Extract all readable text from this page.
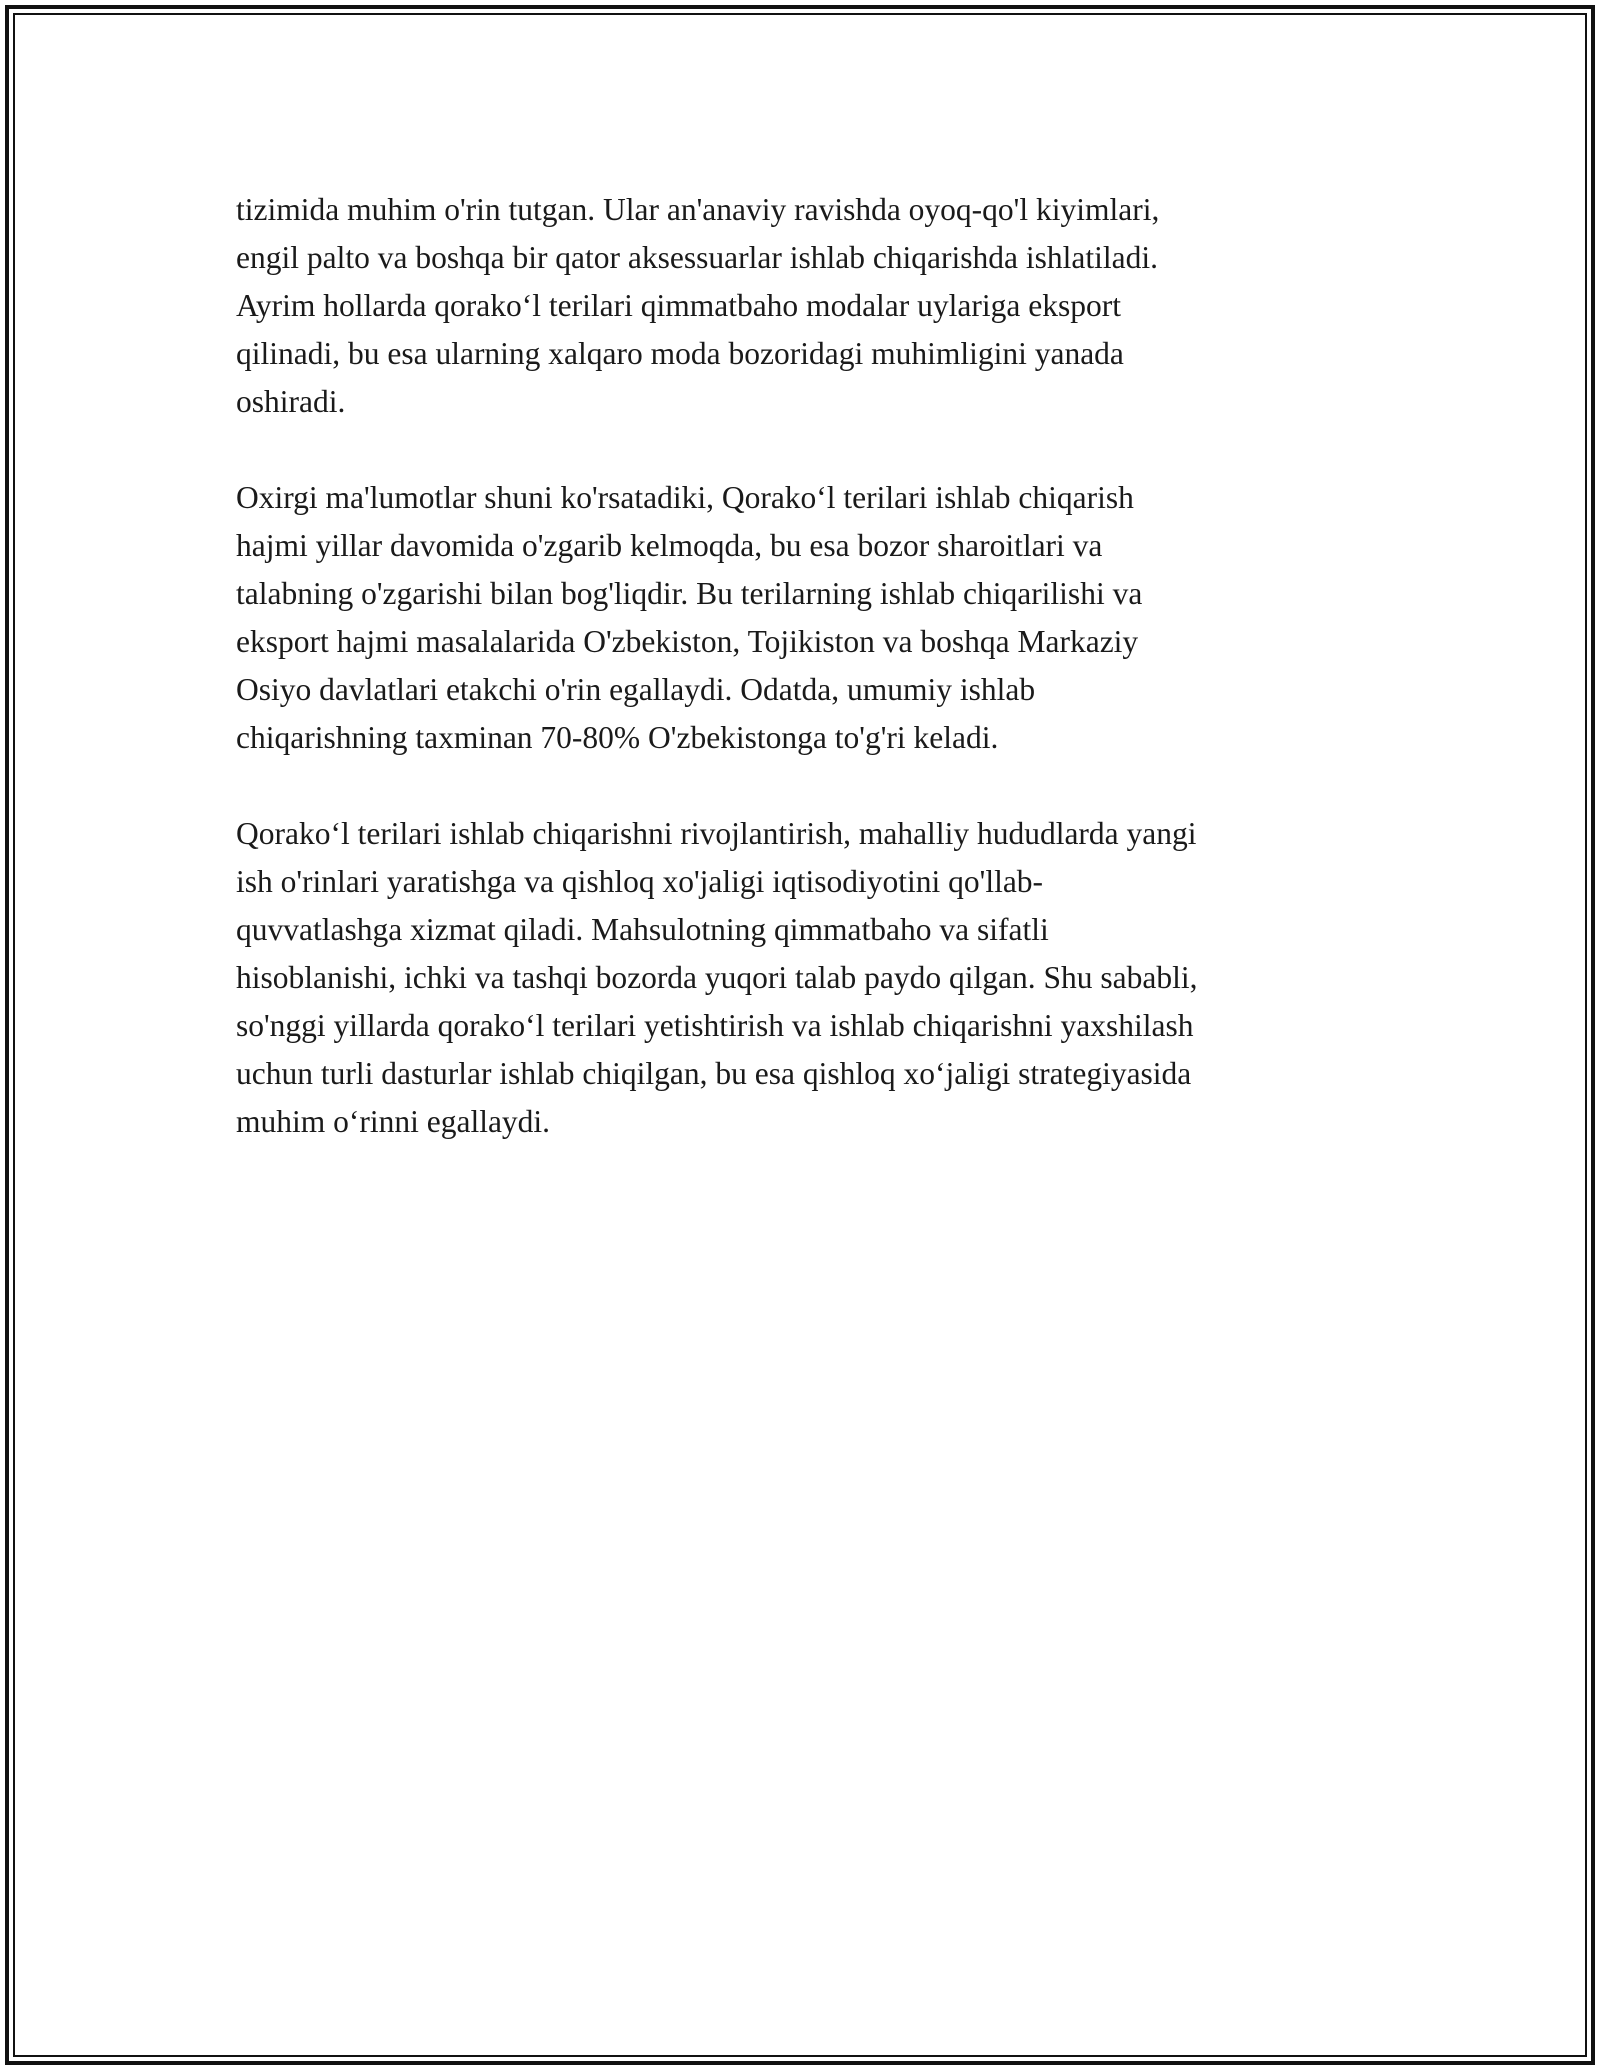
tizimida muhim o'rin tutgan. Ular an'anaviy ravishda oyoq-qo'l kiyimlari,
engil palto va boshqa bir qator aksessuarlar ishlab chiqarishda ishlatiladi.
Ayrim hollarda qorako‘l terilari qimmatbaho modalar uylariga eksport
qilinadi, bu esa ularning xalqaro moda bozoridagi muhimligini yanada
oshiradi.

Oxirgi ma'lumotlar shuni ko'rsatadiki, Qorako‘l terilari ishlab chiqarish
hajmi yillar davomida o'zgarib kelmoqda, bu esa bozor sharoitlari va
talabning o'zgarishi bilan bog'liqdir. Bu terilarning ishlab chiqarilishi va
eksport hajmi masalalarida O'zbekiston, Tojikiston va boshqa Markaziy
Osiyo davlatlari etakchi o'rin egallaydi. Odatda, umumiy ishlab
chiqarishning taxminan 70-80% O'zbekistonga to'g'ri keladi.

Qorako‘l terilari ishlab chiqarishni rivojlantirish, mahalliy hududlarda yangi
ish o'rinlari yaratishga va qishloq xo'jaligi iqtisodiyotini qo'llab-
quvvatlashga xizmat qiladi. Mahsulotning qimmatbaho va sifatli
hisoblanishi, ichki va tashqi bozorda yuqori talab paydo qilgan. Shu sababli,
so'nggi yillarda qorako‘l terilari yetishtirish va ishlab chiqarishni yaxshilash
uchun turli dasturlar ishlab chiqilgan, bu esa qishloq xo‘jaligi strategiyasida
muhim o‘rinni egallaydi.
